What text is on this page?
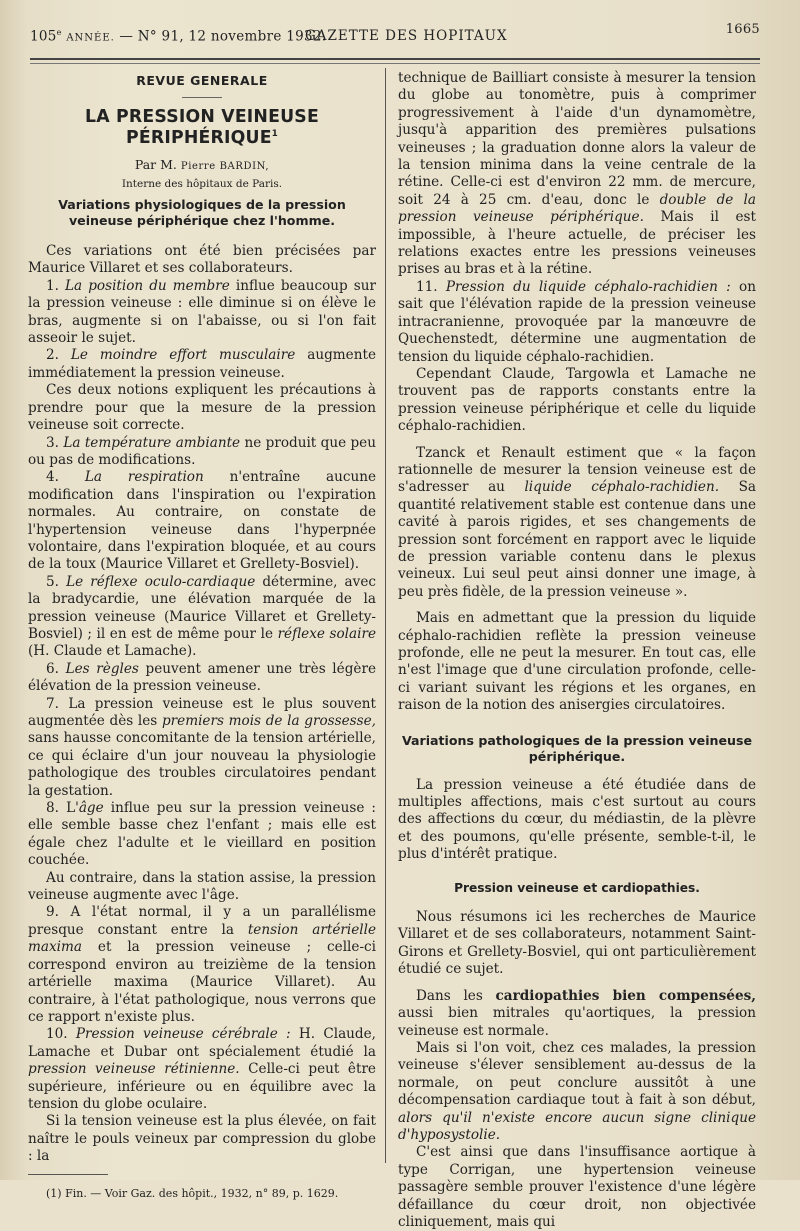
105e ANNÉE. — N° 91, 12 novembre 1932.
GAZETTE DES HOPITAUX	1665
REVUE GENERALE
LA PRESSION VEINEUSE PÉRIPHÉRIQUE$^1$

Par M. Pierre BARDIN,

Interne des hôpitaux de Paris.

Variations physiologiques de la pression veineuse périphérique chez l'homme.

Ces variations ont été bien précisées par Maurice Villaret et ses collaborateurs.

1. La position du membre influe beaucoup sur la pression veineuse : elle diminue si on élève le bras, augmente si on l'abaisse, ou si l'on fait asseoir le sujet.

2. Le moindre effort musculaire augmente immédiatement la pression veineuse.

Ces deux notions expliquent les précautions à prendre pour que la mesure de la pression veineuse soit correcte.

3. La température ambiante ne produit que peu ou pas de modifications.

4. La respiration n'entraîne aucune modification dans l'inspiration ou l'expiration normales. Au contraire, on constate de l'hypertension veineuse dans l'hyperpnée volontaire, dans l'expiration bloquée, et au cours de la toux (Maurice Villaret et Grellety-Bosviel).

5. Le réflexe oculo-cardiaque détermine, avec la bradycardie, une élévation marquée de la pression veineuse (Maurice Villaret et Grellety-Bosviel) ; il en est de même pour le réflexe solaire (H. Claude et Lamache).

6. Les règles peuvent amener une très légère élévation de la pression veineuse.

7. La pression veineuse est le plus souvent augmentée dès les premiers mois de la grossesse, sans hausse concomitante de la tension artérielle, ce qui éclaire d'un jour nouveau la physiologie pathologique des troubles circulatoires pendant la gestation.

8. L'âge influe peu sur la pression veineuse : elle semble basse chez l'enfant ; mais elle est égale chez l'adulte et le vieillard en position couchée.

Au contraire, dans la station assise, la pression veineuse augmente avec l'âge.

9. A l'état normal, il y a un parallélisme presque constant entre la tension artérielle maxima et la pression veineuse ; celle-ci correspond environ au treizième de la tension artérielle maxima (Maurice Villaret). Au contraire, à l'état pathologique, nous verrons que ce rapport n'existe plus.

10. Pression veineuse cérébrale : H. Claude, Lamache et Dubar ont spécialement étudié la pression veineuse rétinienne. Celle-ci peut être supérieure, inférieure ou en équilibre avec la tension du globe oculaire.

Si la tension veineuse est la plus élevée, on fait naître le pouls veineux par compression du globe : la

(1) Fin. — Voir Gaz. des hôpit., 1932, n° 89, p. 1629.

technique de Bailliart consiste à mesurer la tension du globe au tonomètre, puis à comprimer progressivement à l'aide d'un dynamomètre, jusqu'à apparition des premières pulsations veineuses ; la graduation donne alors la valeur de la tension minima dans la veine centrale de la rétine. Celle-ci est d'environ 22 mm. de mercure, soit 24 à 25 cm. d'eau, donc le double de la pression veineuse périphérique. Mais il est impossible, à l'heure actuelle, de préciser les relations exactes entre les pressions veineuses prises au bras et à la rétine.

11. Pression du liquide céphalo-rachidien : on sait que l'élévation rapide de la pression veineuse intracranienne, provoquée par la manœuvre de Quechenstedt, détermine une augmentation de tension du liquide céphalo-rachidien.

Cependant Claude, Targowla et Lamache ne trouvent pas de rapports constants entre la pression veineuse périphérique et celle du liquide céphalo-rachidien.

Tzanck et Renault estiment que « la façon rationnelle de mesurer la tension veineuse est de s'adresser au liquide céphalo-rachidien. Sa quantité relativement stable est contenue dans une cavité à parois rigides, et ses changements de pression sont forcément en rapport avec le liquide de pression variable contenu dans le plexus veineux. Lui seul peut ainsi donner une image, à peu près fidèle, de la pression veineuse ».

Mais en admettant que la pression du liquide céphalo-rachidien reflète la pression veineuse profonde, elle ne peut la mesurer. En tout cas, elle n'est l'image que d'une circulation profonde, celle-ci variant suivant les régions et les organes, en raison de la notion des anisergies circulatoires.

Variations pathologiques de la pression veineuse périphérique.

La pression veineuse a été étudiée dans de multiples affections, mais c'est surtout au cours des affections du cœur, du médiastin, de la plèvre et des poumons, qu'elle présente, semble-t-il, le plus d'intérêt pratique.

Pression veineuse et cardiopathies.

Nous résumons ici les recherches de Maurice Villaret et de ses collaborateurs, notamment Saint-Girons et Grellety-Bosviel, qui ont particulièrement étudié ce sujet.

Dans les cardiopathies bien compensées, aussi bien mitrales qu'aortiques, la pression veineuse est normale.

Mais si l'on voit, chez ces malades, la pression veineuse s'élever sensiblement au-dessus de la normale, on peut conclure aussitôt à une décompensation cardiaque tout à fait à son début, alors qu'il n'existe encore aucun signe clinique d'hyposystolie.

C'est ainsi que dans l'insuffisance aortique à type Corrigan, une hypertension veineuse passagère semble prouver l'existence d'une légère défaillance du cœur droit, non objectivée cliniquement, mais qui
